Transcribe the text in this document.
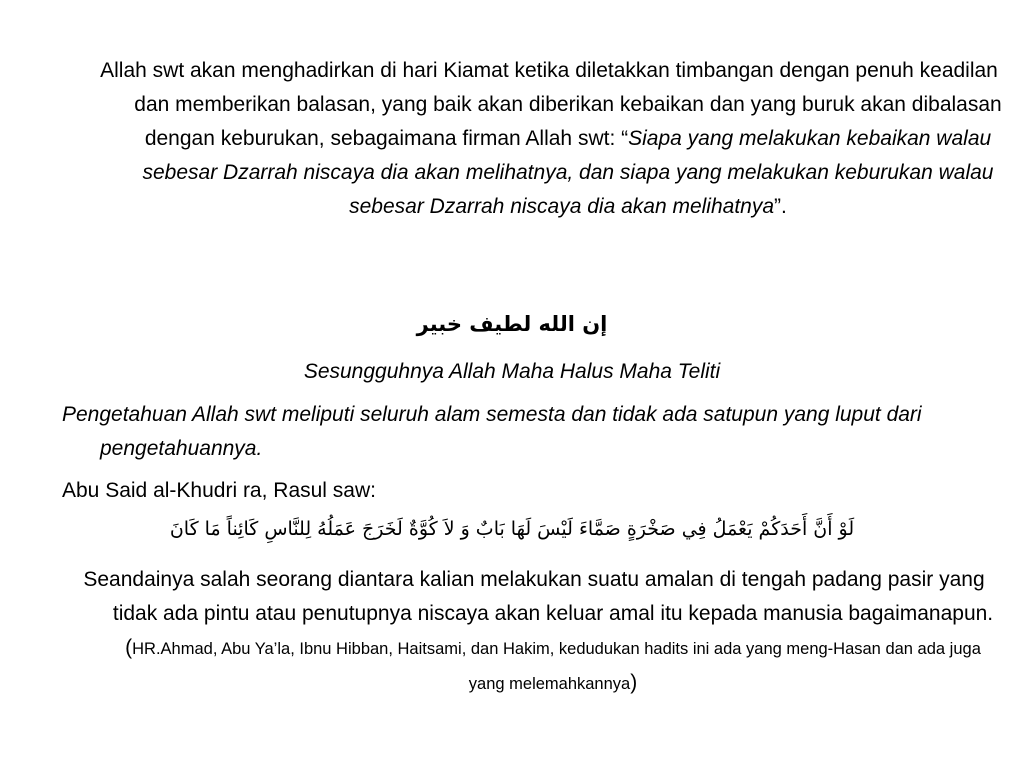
Allah swt akan menghadirkan di hari Kiamat ketika diletakkan timbangan dengan penuh keadilan dan memberikan balasan, yang baik akan diberikan kebaikan dan yang buruk akan dibalasan dengan keburukan, sebagaimana firman Allah swt: “Siapa yang melakukan kebaikan walau sebesar Dzarrah niscaya dia akan melihatnya, dan siapa yang melakukan keburukan walau sebesar Dzarrah niscaya dia akan melihatnya”.

إن الله لطيف خبير

Sesungguhnya Allah Maha Halus Maha Teliti

Pengetahuan Allah swt meliputi seluruh alam semesta dan tidak ada satupun yang luput dari pengetahuannya.

Abu Said al-Khudri ra, Rasul saw:

لَوْ أَنَّ أَحَدَكُمْ يَعْمَلُ فِي صَخْرَةٍ صَمَّاءَ لَيْسَ لَهَا بَابٌ وَ لاَ كُوَّةٌ لَخَرَجَ عَمَلُهُ لِلنَّاسِ كَائِناً مَا كَانَ

Seandainya salah seorang diantara kalian melakukan suatu amalan di tengah padang pasir yang tidak ada pintu atau penutupnya niscaya akan keluar amal itu kepada manusia bagaimanapun. (HR.Ahmad, Abu Ya’la, Ibnu Hibban, Haitsami, dan Hakim, kedudukan hadits ini ada yang meng-Hasan dan ada juga yang melemahkannya)
